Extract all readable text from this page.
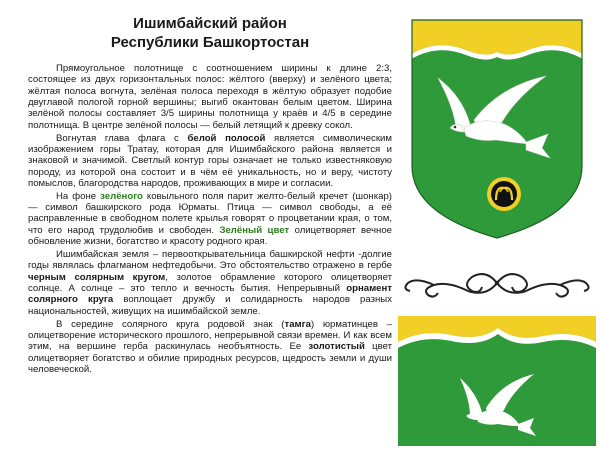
Ишимбайский район
Республики Башкортостан

Прямоугольное полотнище с соотношением ширины к длине 2:3, состоящее из двух горизонтальных полос: жёлтого (вверху) и зелёного цвета; жёлтая полоса вогнута, зелёная полоса переходя в жёлтую образует подобие двуглавой пологой горной вершины; выгиб окантован белым цветом. Ширина зелёной полосы составляет 3/5 ширины полотнища у краёв и 4/5 в середине полотнища. В центре зелёной полосы — белый летящий к древку сокол.

Вогнутая глава флага с белой полосой является символическим изображением горы Тратау, которая для Ишимбайского района является и знаковой и значимой. Светлый контур горы означает не только известняковую породу, из которой она состоит и в чём её уникальность, но и веру, чистоту помыслов, благородства народов, проживающих в мире и согласии.

На фоне зелёного ковыльного поля парит желто-белый кречет (шонкар) — символ башкирского рода Юрматы. Птица — символ свободы, а её расправленные в свободном полете крылья говорят о процветании края, о том, что его народ трудолюбив и свободен. Зелёный цвет олицетворяет вечное обновление жизни, богатство и красоту родного края.

Ишимбайская земля – первооткрывательница башкирской нефти -долгие годы являлась флагманом нефтедобычи. Это обстоятельство отражено в гербе черным солярным кругом, золотое обрамление которого олицетворяет солнце. А солнце – это тепло и вечность бытия. Непрерывный орнамент солярного круга воплощает дружбу и солидарность народов разных национальностей, живущих на ишимбайской земле.

В середине солярного круга родовой знак (тамга) юрматинцев – олицетворение исторического прошлого, непрерывной связи времен. И как всем этим, на вершине герба раскинулась необъятность. Ее золотистый цвет олицетворяет богатство и обилие природных ресурсов, щедрость земли и души человеческой.
